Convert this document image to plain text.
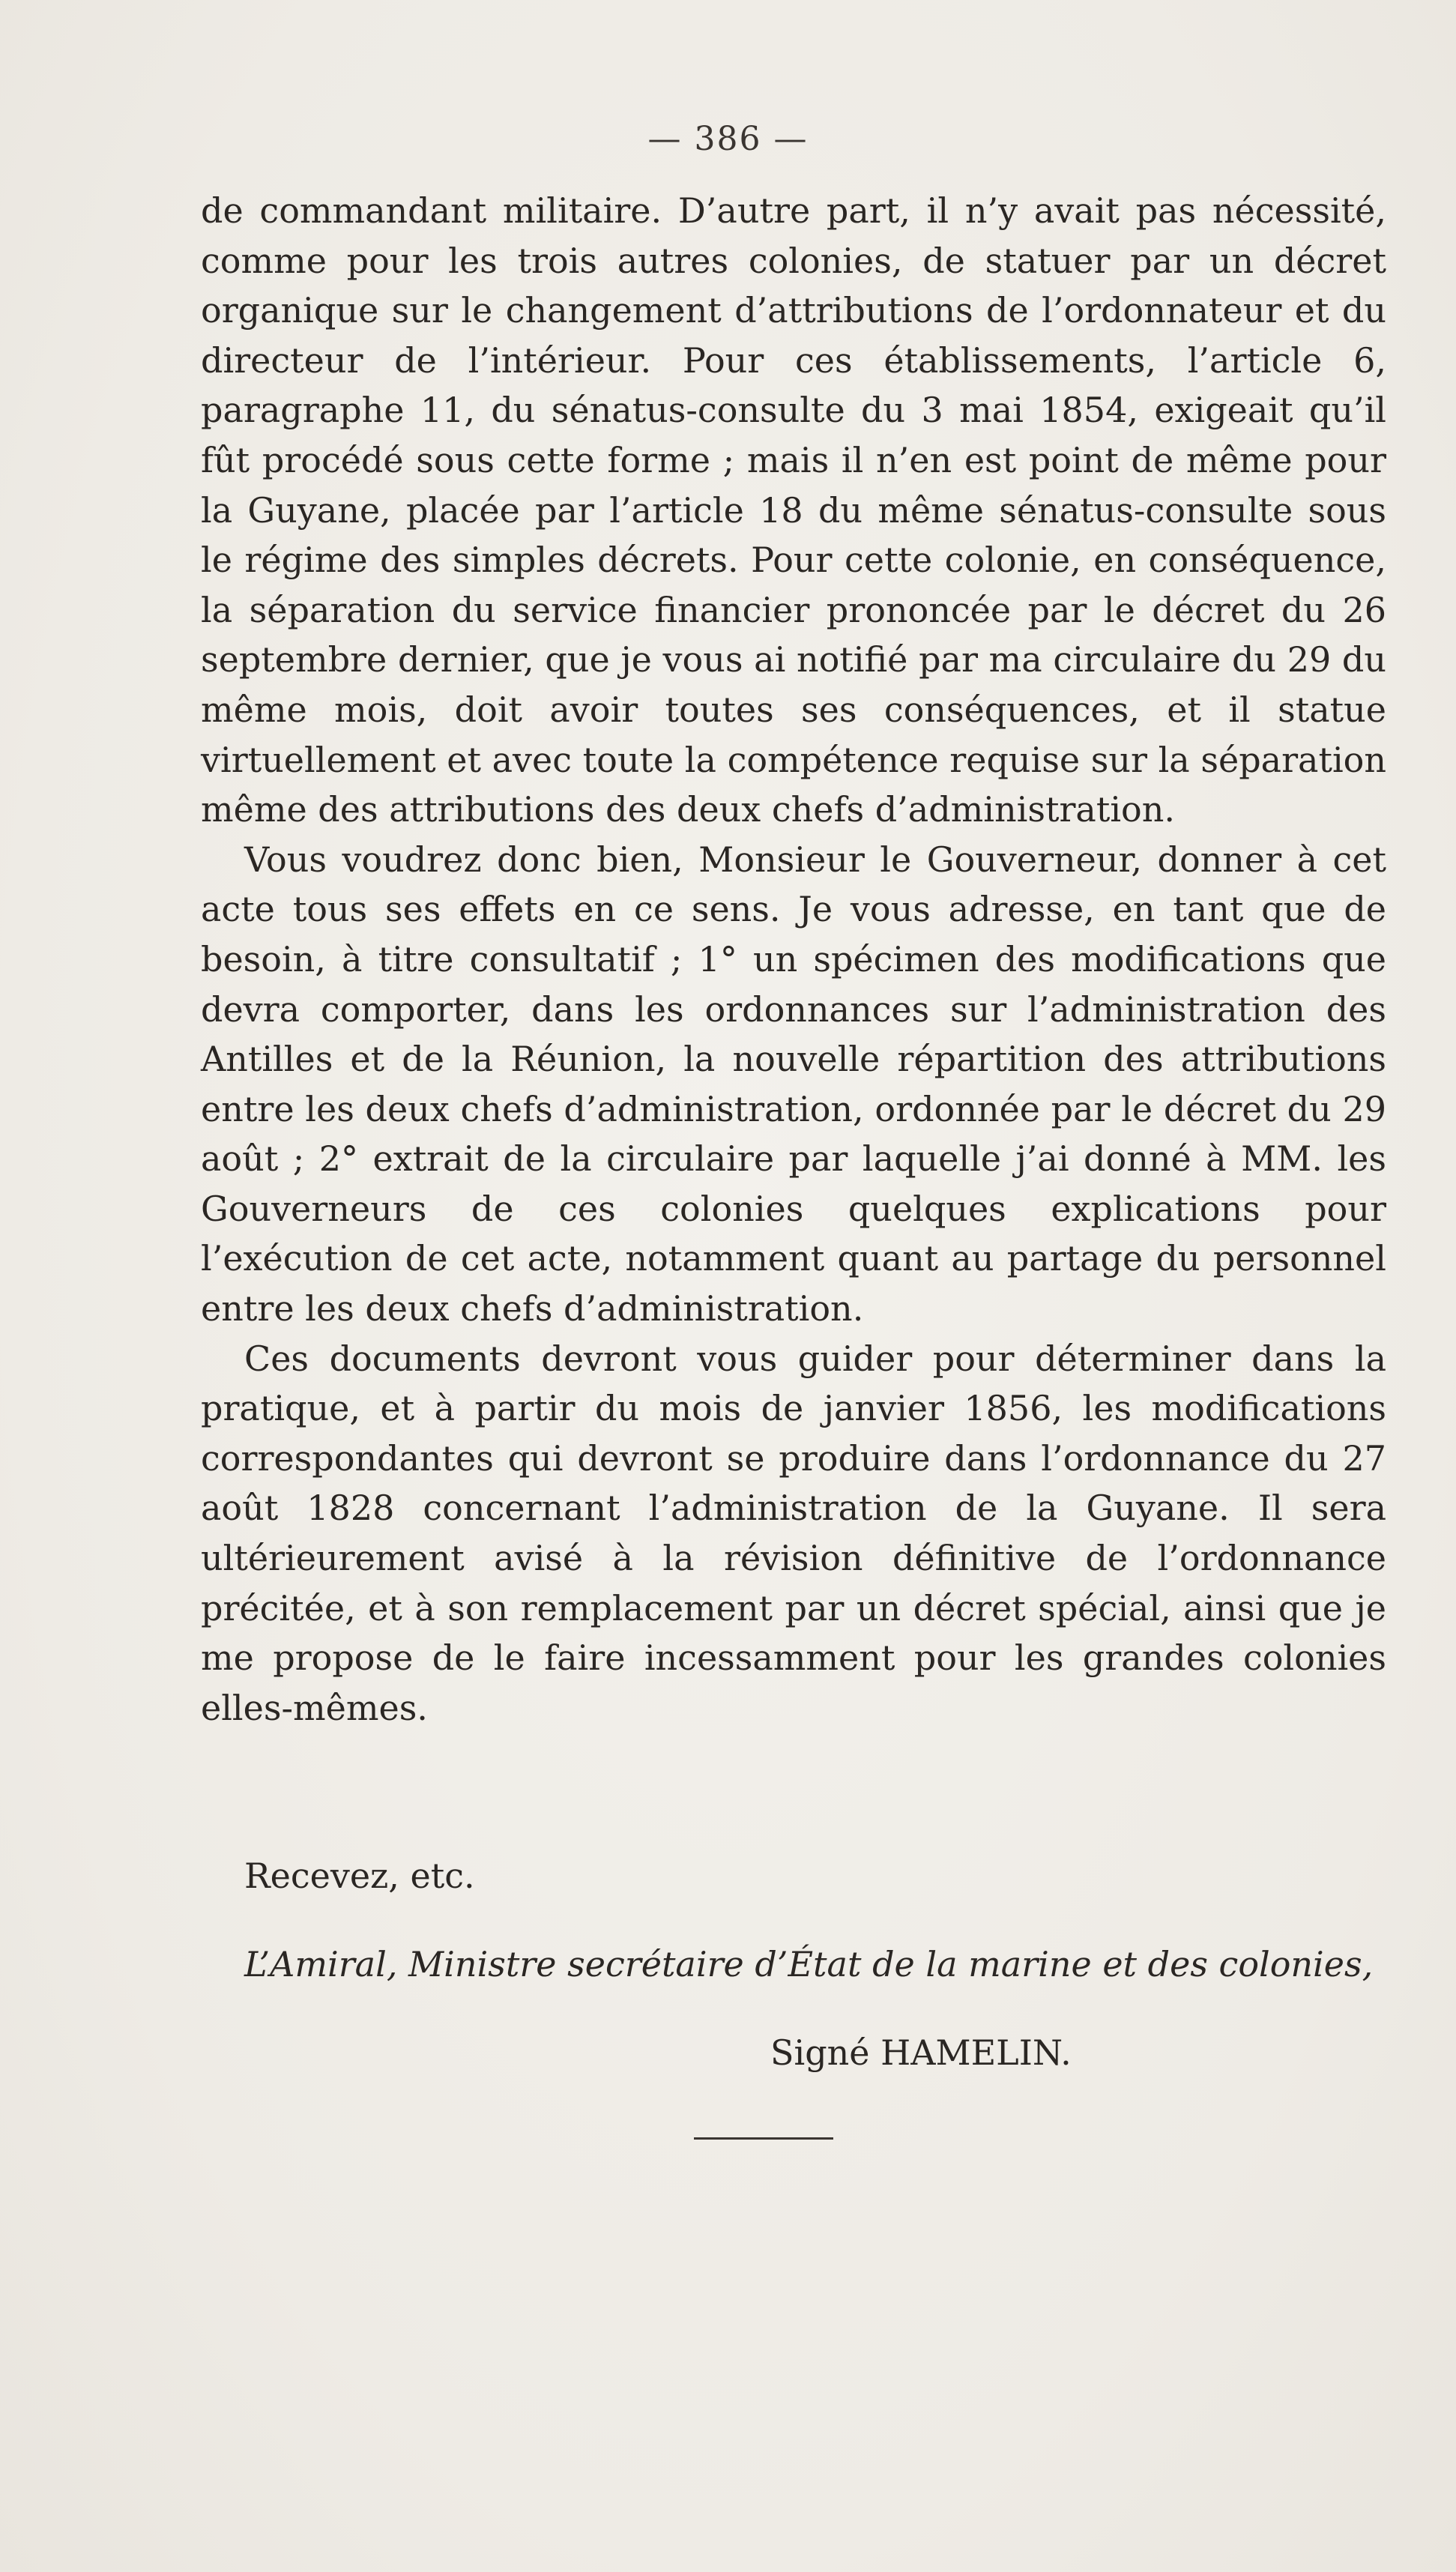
— 386 —

de commandant militaire. D’autre part, il n’y avait pas nécessité, comme pour les trois autres colonies, de statuer par un décret organique sur le changement d’attributions de l’ordonnateur et du directeur de l’intérieur. Pour ces établissements, l’article 6, paragraphe 11, du sénatus-consulte du 3 mai 1854, exigeait qu’il fût procédé sous cette forme ; mais il n’en est point de même pour la Guyane, placée par l’article 18 du même sénatus-consulte sous le régime des simples décrets. Pour cette colonie, en conséquence, la séparation du service financier prononcée par le décret du 26 septembre dernier, que je vous ai notifié par ma circulaire du 29 du même mois, doit avoir toutes ses conséquences, et il statue virtuellement et avec toute la compétence requise sur la séparation même des attributions des deux chefs d’administration.

Vous voudrez donc bien, Monsieur le Gouverneur, donner à cet acte tous ses effets en ce sens. Je vous adresse, en tant que de besoin, à titre consultatif ; 1° un spécimen des modifications que devra comporter, dans les ordonnances sur l’administration des Antilles et de la Réunion, la nouvelle répartition des attributions entre les deux chefs d’administration, ordonnée par le décret du 29 août ; 2° extrait de la circulaire par laquelle j’ai donné à MM. les Gouverneurs de ces colonies quelques explications pour l’exécution de cet acte, notamment quant au partage du personnel entre les deux chefs d’administration.

Ces documents devront vous guider pour déterminer dans la pratique, et à partir du mois de janvier 1856, les modifications correspondantes qui devront se produire dans l’ordonnance du 27 août 1828 concernant l’administration de la Guyane. Il sera ultérieurement avisé à la révision définitive de l’ordonnance précitée, et à son remplacement par un décret spécial, ainsi que je me propose de le faire incessamment pour les grandes colonies elles-mêmes.

Recevez, etc.
L’Amiral, Ministre secrétaire d’État de la marine et des colonies,
Signé HAMELIN.
